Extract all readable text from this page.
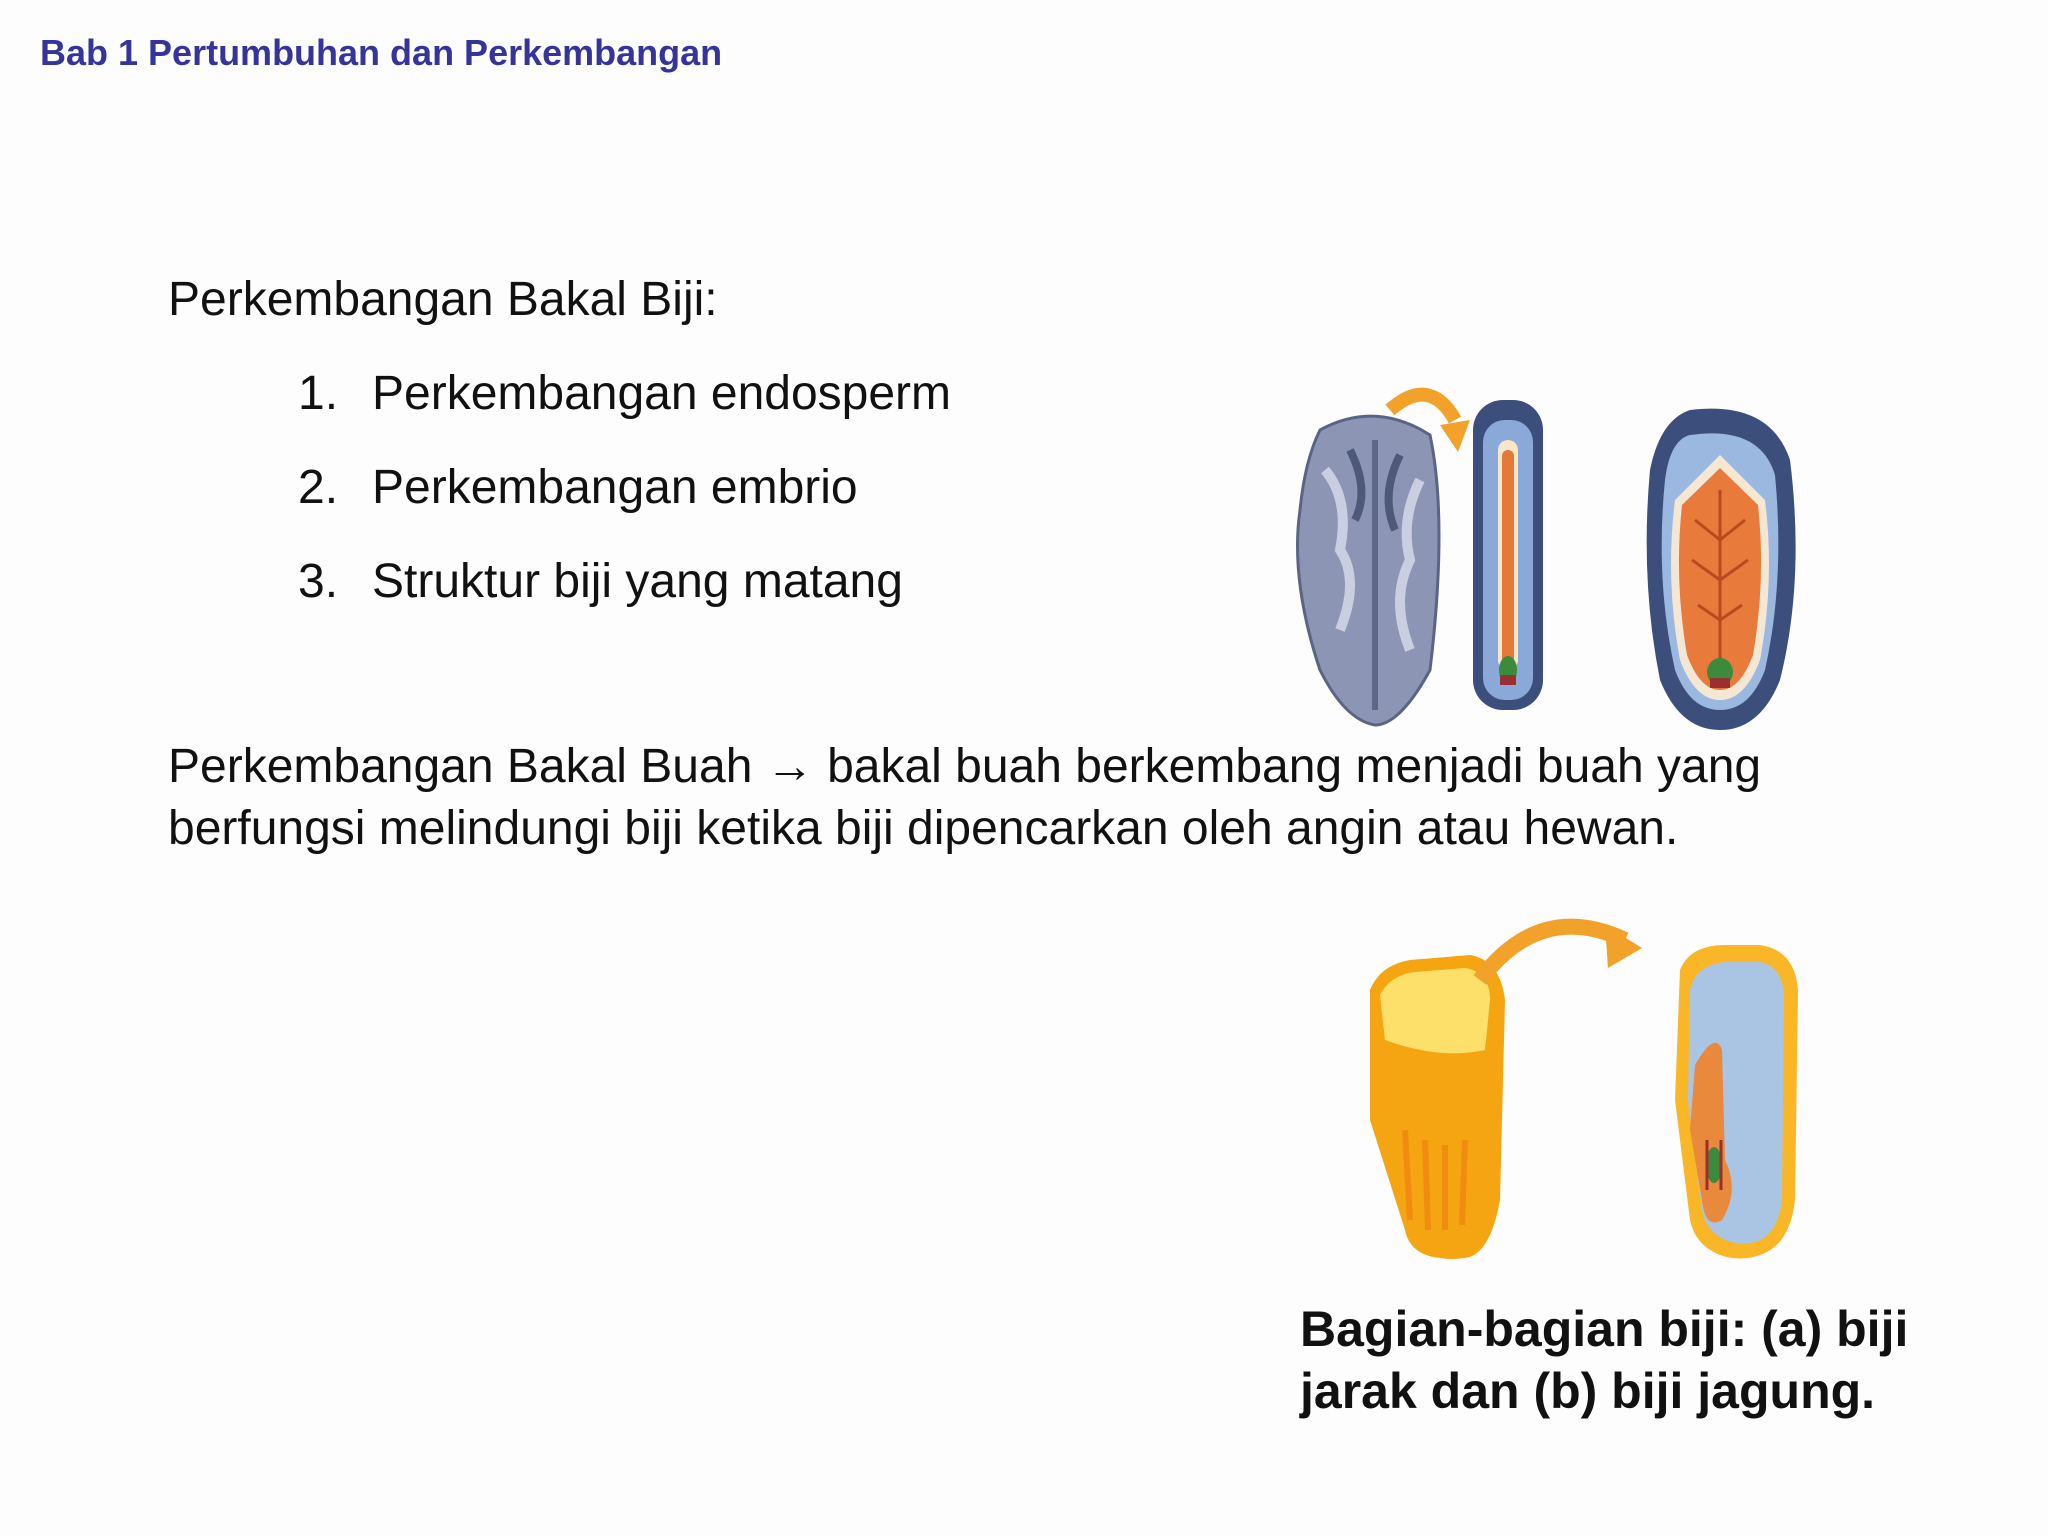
Bab 1 Pertumbuhan dan Perkembangan
Perkembangan Bakal Biji:
1. Perkembangan endosperm
2. Perkembangan embrio
3. Struktur biji yang matang
Perkembangan Bakal Buah → bakal buah berkembang menjadi buah yang berfungsi melindungi biji ketika biji dipencarkan oleh angin atau hewan.
Bagian-bagian biji: (a) biji jarak dan (b) biji jagung.
